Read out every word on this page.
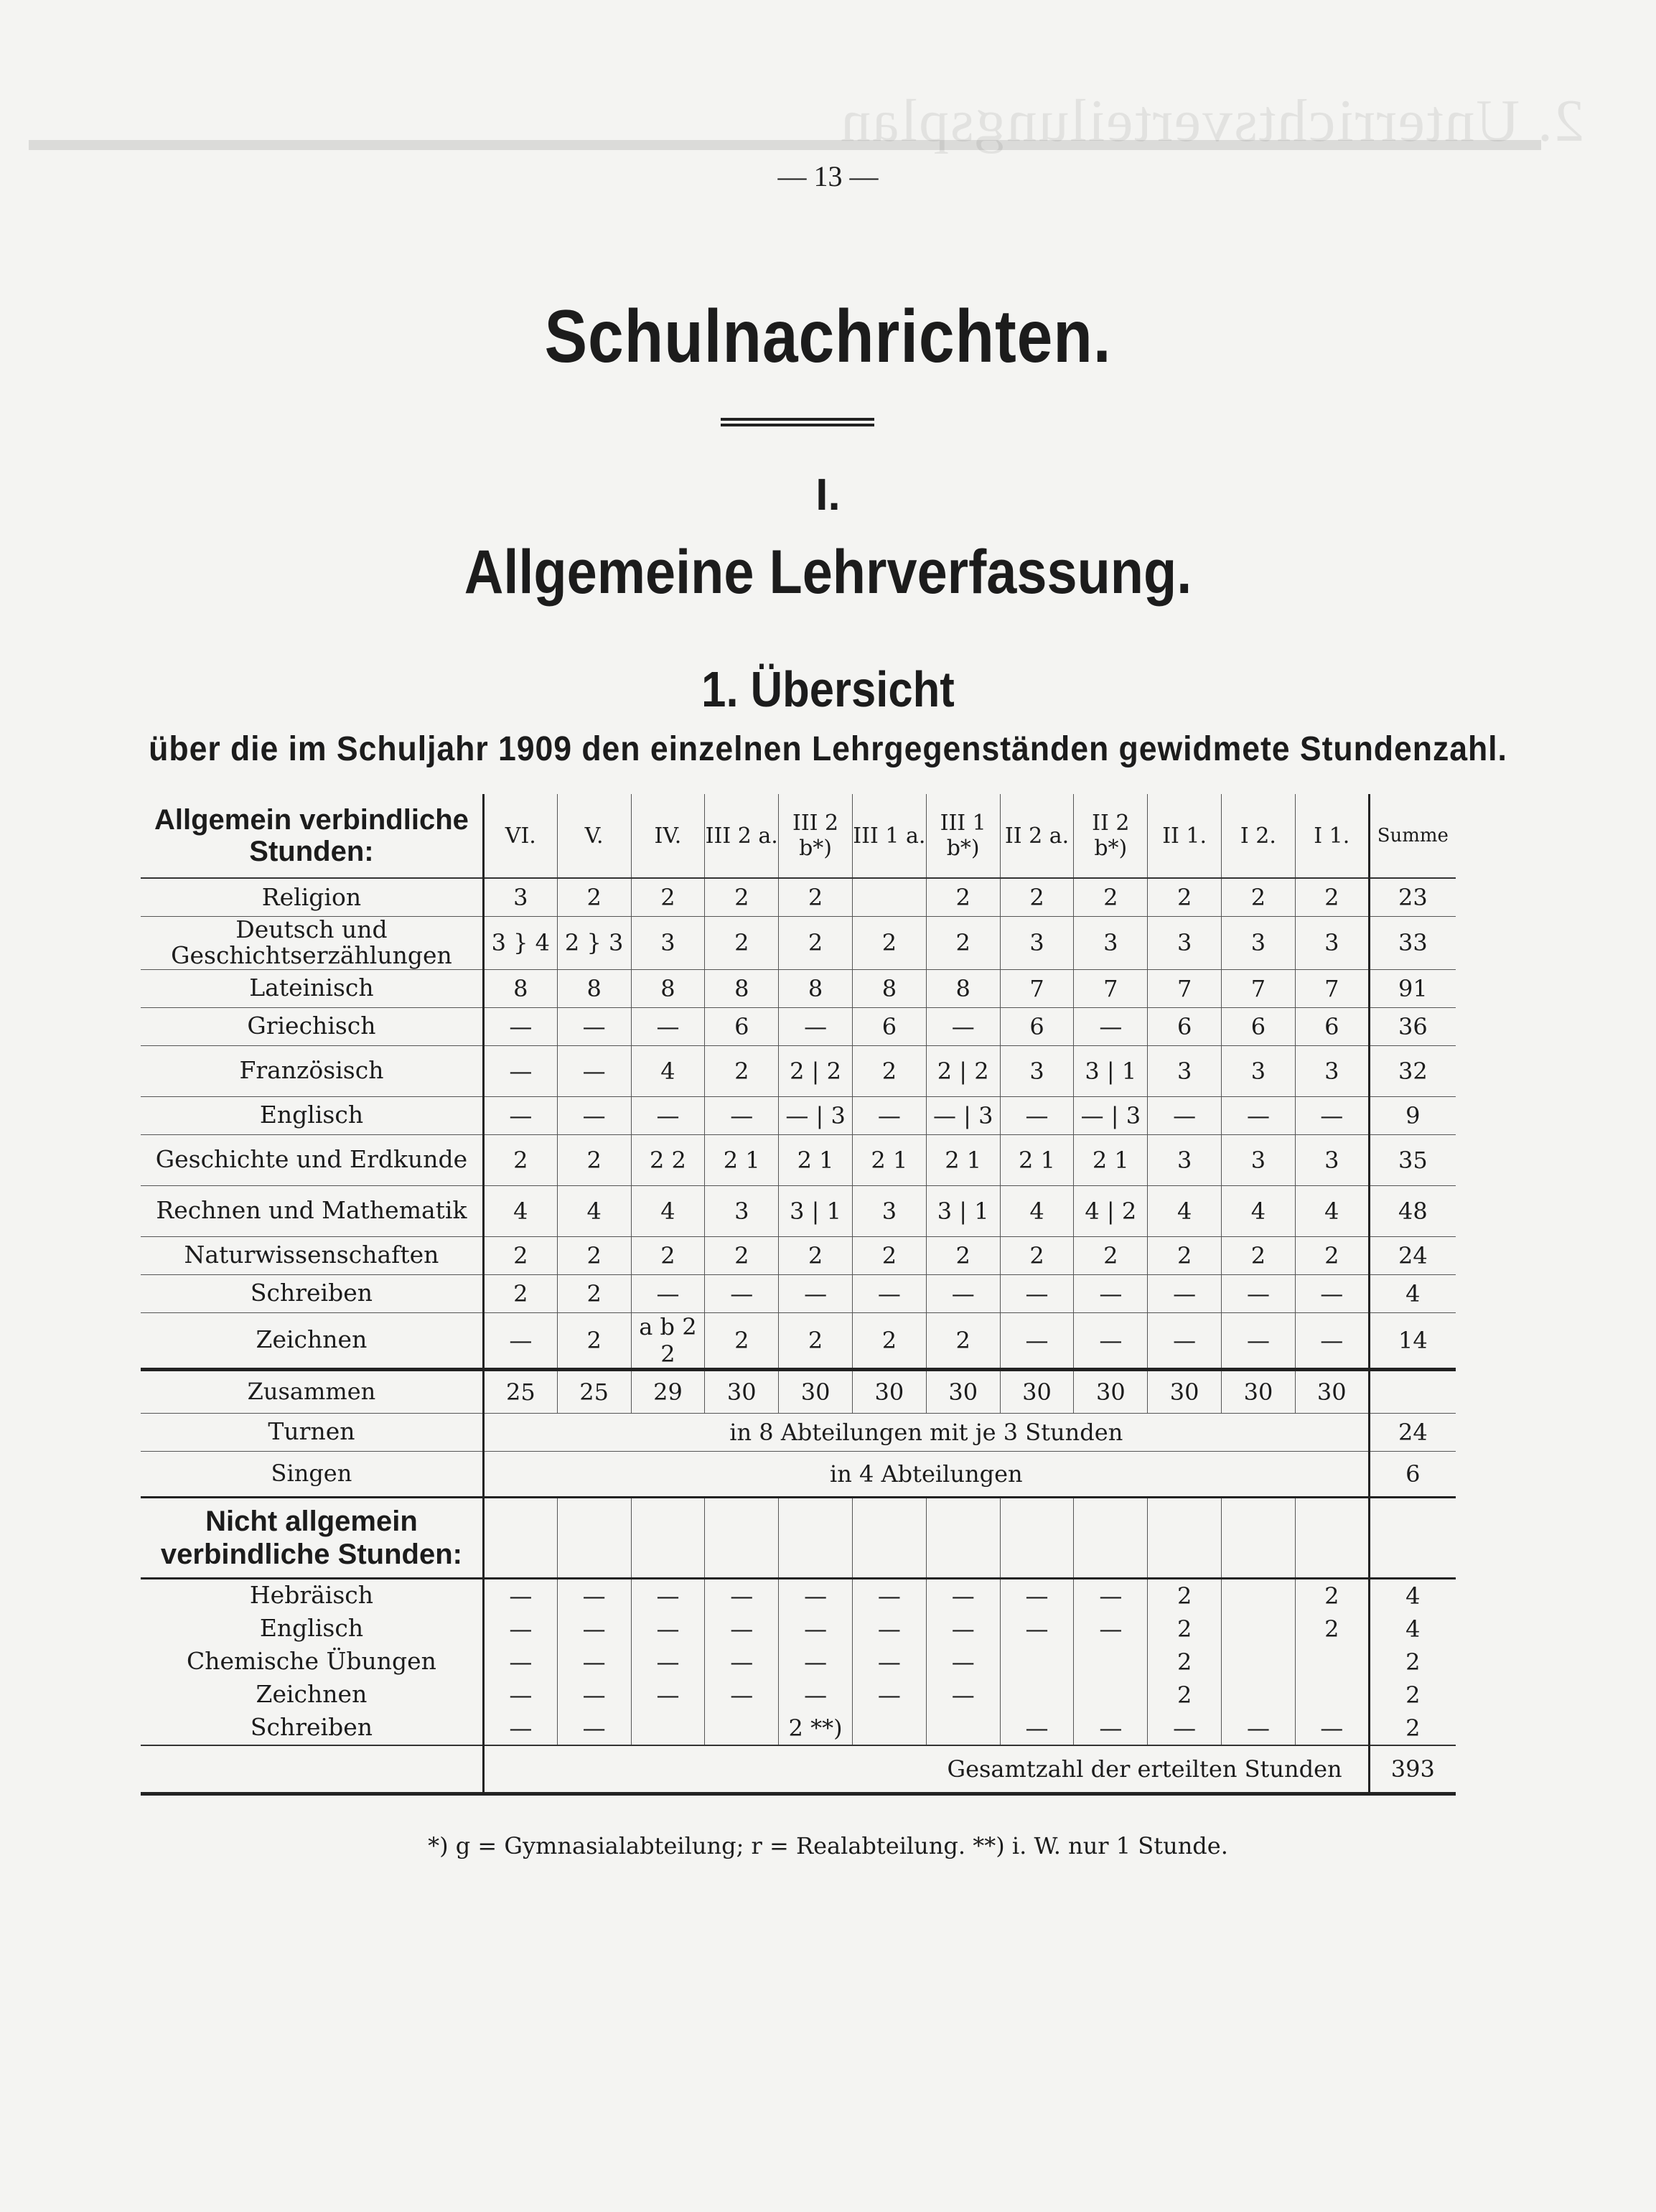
2. Unterrichtsverteilungsplan
— 13 —
Schulnachrichten.
I.
Allgemeine Lehrverfassung.
1. Übersicht
über die im Schuljahr 1909 den einzelnen Lehrgegenständen gewidmete Stundenzahl.
Allgemein verbindliche Stunden:	VI.	V.	IV.	III 2 a.	III 2 b*)	III 1 a.	III 1 b*)	II 2 a.	II 2 b*)	II 1.	I 2.	I 1.	Summe
Religion	3	2	2	2	2		2	2	2	2	2	2	23
Deutsch und Geschichtserzählungen	3 } 4	2 } 3	3	2	2	2	2	3	3	3	3	3	33
Lateinisch	8	8	8	8	8	8	8	7	7	7	7	7	91
Griechisch	—	—	—	6	—	6	—	6	—	6	6	6	36
Französisch	—	—	4	2	2 | 2	2	2 | 2	3	3 | 1	3	3	3	32
Englisch	—	—	—	—	— | 3	—	— | 3	—	— | 3	—	—	—	9
Geschichte und Erdkunde	2	2	2 2	2 1	2 1	2 1	2 1	2 1	2 1	3	3	3	35
Rechnen und Mathematik	4	4	4	3	3 | 1	3	3 | 1	4	4 | 2	4	4	4	48
Naturwissenschaften	2	2	2	2	2	2	2	2	2	2	2	2	24
Schreiben	2	2	—	—	—	—	—	—	—	—	—	—	4
Zeichnen	—	2	a b 2 2	2	2	2	2	—	—	—	—	—	14
Zusammen	25	25	29	30	30	30	30	30	30	30	30	30	
Turnen	in 8 Abteilungen mit je 3 Stunden												24
Singen	in 4 Abteilungen												6
Nicht allgemein verbindliche Stunden:													
Hebräisch	—	—	—	—	—	—	—	—	—	2		2	4
Englisch	—	—	—	—	—	—	—	—	—	2		2	4
Chemische Übungen	—	—	—	—	—	—	—			2			2
Zeichnen	—	—	—	—	—	—	—			2			2
Schreiben	—	—			2 **)			—	—	—	—	—	2
	Gesamtzahl der erteilten Stunden												393
*) g = Gymnasialabteilung; r = Realabteilung. **) i. W. nur 1 Stunde.
